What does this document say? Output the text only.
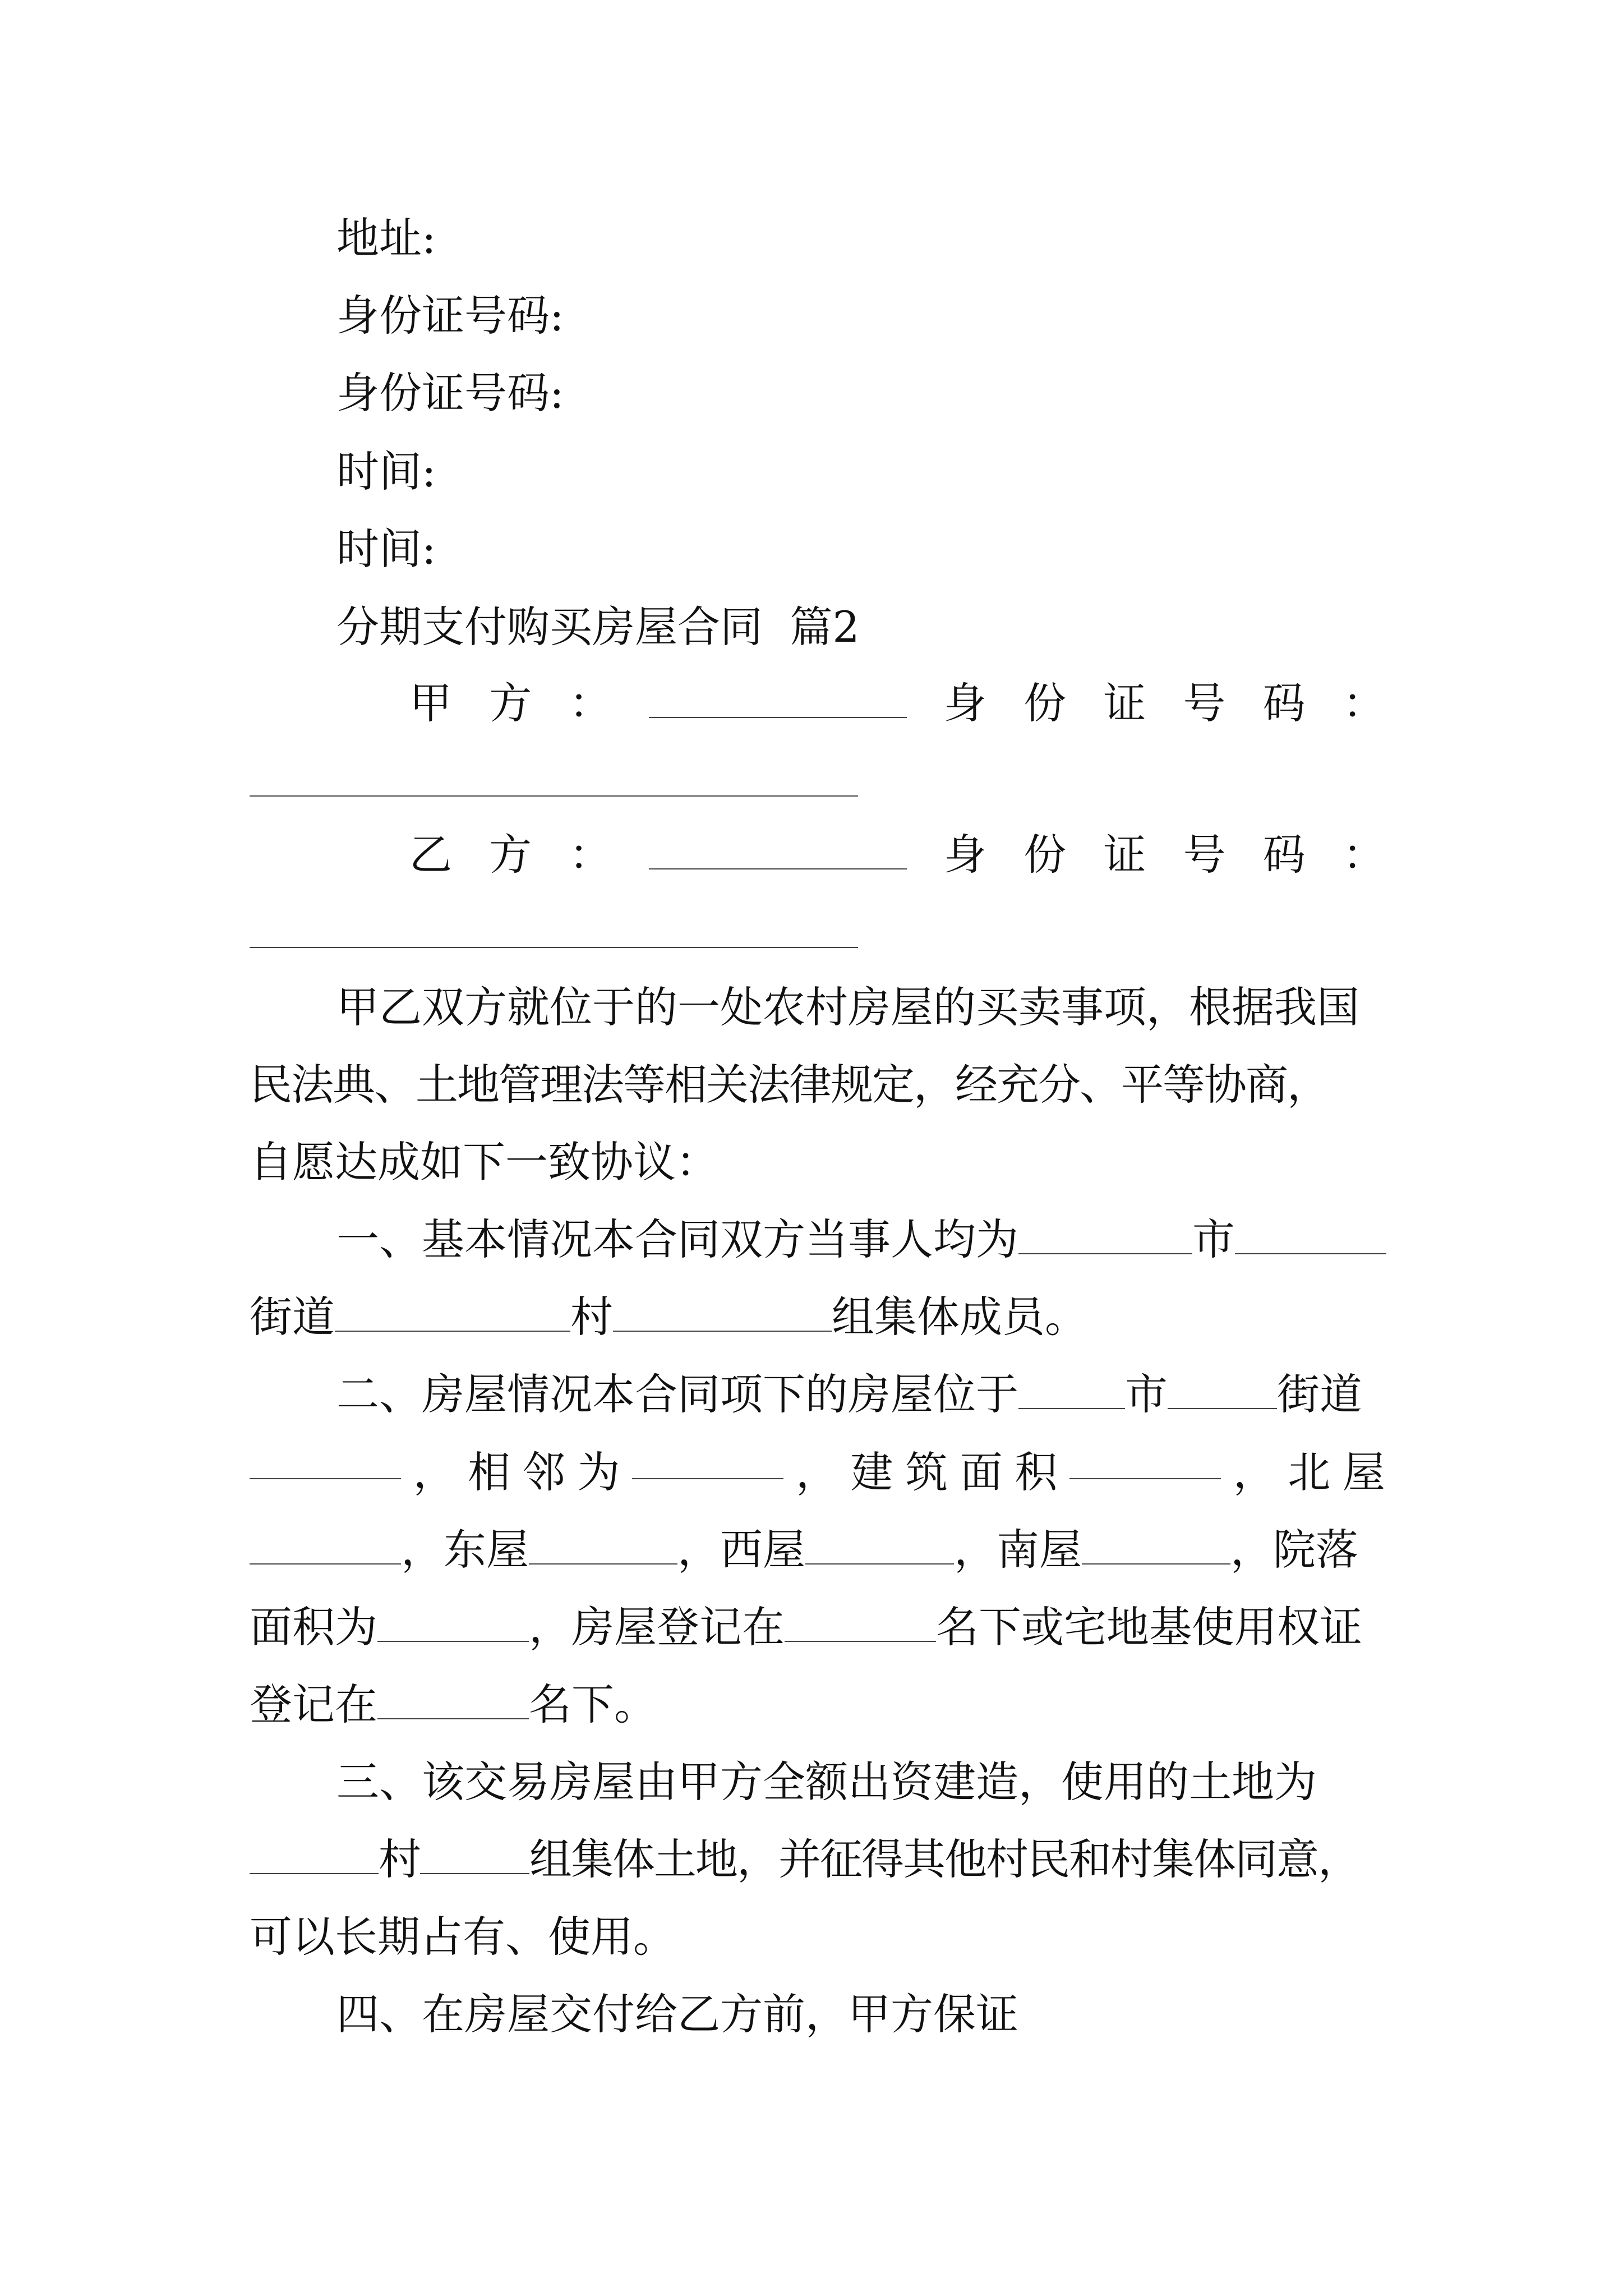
地址:
身份证号码:
身份证号码:
时间:
时间:
分期支付购买房屋合同  篇2
甲 方 ：	身 份 证 号 码 ：
乙 方 ：	身 份 证 号 码 ：
甲乙双方就位于的一处农村房屋的买卖事项，根据我国
民法典、土地管理法等相关法律规定，经充分、平等协商，
自愿达成如下一致协议：
一、基本情况本合同双方当事人均为	市
街道	村	组集体成员。
二、房屋情况本合同项下的房屋位于	市	街道
， 相 邻 为	， 建 筑 面 积	， 北 屋
，东屋	，西屋	，南屋	，院落
面积为	，房屋登记在	名下或宅地基使用权证
登记在	名下。
三、该交易房屋由甲方全额出资建造，使用的土地为
村	组集体土地，并征得其他村民和村集体同意，
可以长期占有、使用。
四、在房屋交付给乙方前，甲方保证
